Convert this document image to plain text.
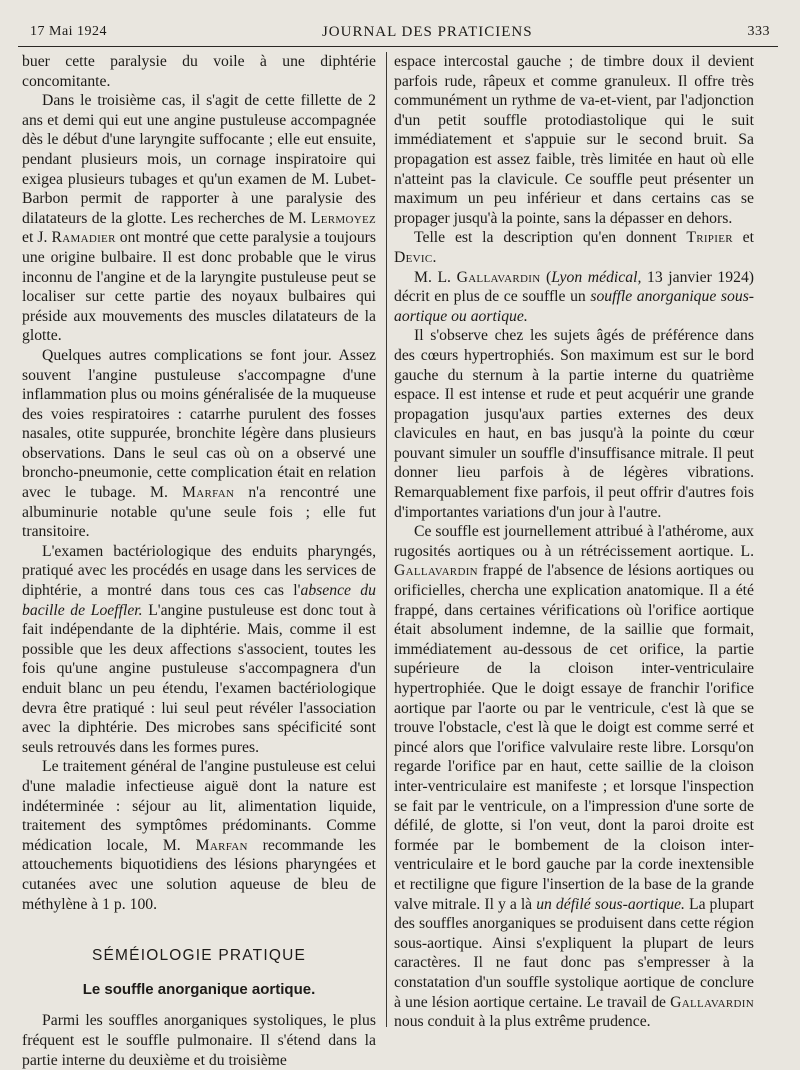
17 Mai 1924	JOURNAL DES PRATICIENS	333

buer cette paralysie du voile à une diphtérie concomitante.

Dans le troisième cas, il s'agit de cette fillette de 2 ans et demi qui eut une angine pustuleuse accompagnée dès le début d'une laryngite suffocante ; elle eut ensuite, pendant plusieurs mois, un cornage inspiratoire qui exigea plusieurs tubages et qu'un examen de M. Lubet-Barbon permit de rapporter à une paralysie des dilatateurs de la glotte. Les recherches de M. Lermoyez et J. Ramadier ont montré que cette paralysie a toujours une origine bulbaire. Il est donc probable que le virus inconnu de l'angine et de la laryngite pustuleuse peut se localiser sur cette partie des noyaux bulbaires qui préside aux mouvements des muscles dilatateurs de la glotte.

Quelques autres complications se font jour. Assez souvent l'angine pustuleuse s'accompagne d'une inflammation plus ou moins généralisée de la muqueuse des voies respiratoires : catarrhe purulent des fosses nasales, otite suppurée, bronchite légère dans plusieurs observations. Dans le seul cas où on a observé une broncho-pneumonie, cette complication était en relation avec le tubage. M. Marfan n'a rencontré une albuminurie notable qu'une seule fois ; elle fut transitoire.

L'examen bactériologique des enduits pharyngés, pratiqué avec les procédés en usage dans les services de diphtérie, a montré dans tous ces cas l'absence du bacille de Loeffler. L'angine pustuleuse est donc tout à fait indépendante de la diphtérie. Mais, comme il est possible que les deux affections s'associent, toutes les fois qu'une angine pustuleuse s'accompagnera d'un enduit blanc un peu étendu, l'examen bactériologique devra être pratiqué : lui seul peut révéler l'association avec la diphtérie. Des microbes sans spécificité sont seuls retrouvés dans les formes pures.

Le traitement général de l'angine pustuleuse est celui d'une maladie infectieuse aiguë dont la nature est indéterminée : séjour au lit, alimentation liquide, traitement des symptômes prédominants. Comme médication locale, M. Marfan recommande les attouchements biquotidiens des lésions pharyngées et cutanées avec une solution aqueuse de bleu de méthylène à 1 p. 100.

SÉMÉIOLOGIE PRATIQUE
Le souffle anorganique aortique.

Parmi les souffles anorganiques systoliques, le plus fréquent est le souffle pulmonaire. Il s'étend dans la partie interne du deuxième et du troisième

espace intercostal gauche ; de timbre doux il devient parfois rude, râpeux et comme granuleux. Il offre très communément un rythme de va-et-vient, par l'adjonction d'un petit souffle protodiastolique qui le suit immédiatement et s'appuie sur le second bruit. Sa propagation est assez faible, très limitée en haut où elle n'atteint pas la clavicule. Ce souffle peut présenter un maximum un peu inférieur et dans certains cas se propager jusqu'à la pointe, sans la dépasser en dehors.

Telle est la description qu'en donnent Tripier et Devic.

M. L. Gallavardin (Lyon médical, 13 janvier 1924) décrit en plus de ce souffle un souffle anorganique sous-aortique ou aortique.

Il s'observe chez les sujets âgés de préférence dans des cœurs hypertrophiés. Son maximum est sur le bord gauche du sternum à la partie interne du quatrième espace. Il est intense et rude et peut acquérir une grande propagation jusqu'aux parties externes des deux clavicules en haut, en bas jusqu'à la pointe du cœur pouvant simuler un souffle d'insuffisance mitrale. Il peut donner lieu parfois à de légères vibrations. Remarquablement fixe parfois, il peut offrir d'autres fois d'importantes variations d'un jour à l'autre.

Ce souffle est journellement attribué à l'athérome, aux rugosités aortiques ou à un rétrécissement aortique. L. Gallavardin frappé de l'absence de lésions aortiques ou orificielles, chercha une explication anatomique. Il a été frappé, dans certaines vérifications où l'orifice aortique était absolument indemne, de la saillie que formait, immédiatement au-dessous de cet orifice, la partie supérieure de la cloison inter-ventriculaire hypertrophiée. Que le doigt essaye de franchir l'orifice aortique par l'aorte ou par le ventricule, c'est là que se trouve l'obstacle, c'est là que le doigt est comme serré et pincé alors que l'orifice valvulaire reste libre. Lorsqu'on regarde l'orifice par en haut, cette saillie de la cloison inter-ventriculaire est manifeste ; et lorsque l'inspection se fait par le ventricule, on a l'impression d'une sorte de défilé, de glotte, si l'on veut, dont la paroi droite est formée par le bombement de la cloison inter-ventriculaire et le bord gauche par la corde inextensible et rectiligne que figure l'insertion de la base de la grande valve mitrale. Il y a là un défilé sous-aortique. La plupart des souffles anorganiques se produisent dans cette région sous-aortique. Ainsi s'expliquent la plupart de leurs caractères. Il ne faut donc pas s'empresser à la constatation d'un souffle systolique aortique de conclure à une lésion aortique certaine. Le travail de Gallavardin nous conduit à la plus extrême prudence.
